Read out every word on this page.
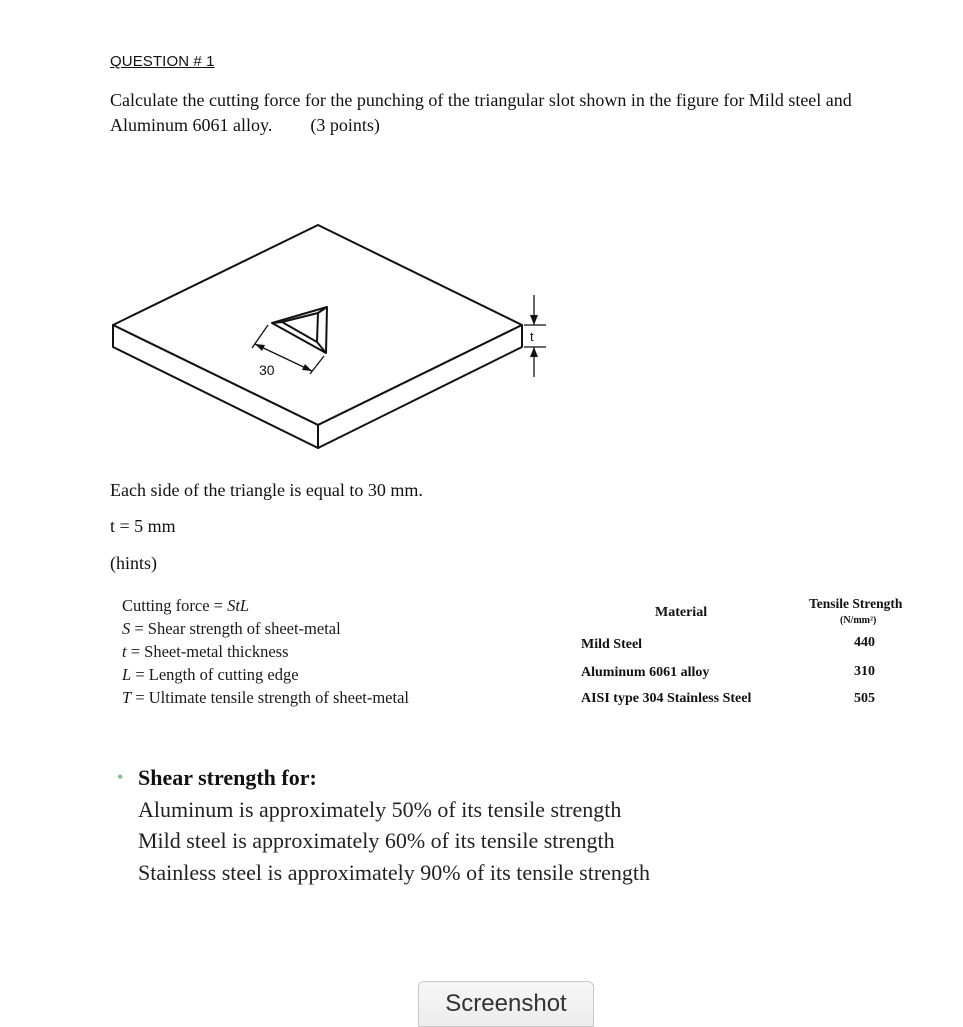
QUESTION # 1
Calculate the cutting force for the punching of the triangular slot shown in the figure for Mild steel and Aluminum 6061 alloy. (3 points)
30
t
Each side of the triangle is equal to 30 mm.
t = 5 mm
(hints)
Cutting force = StL
S = Shear strength of sheet-metal
t = Sheet-metal thickness
L = Length of cutting edge
T = Ultimate tensile strength of sheet-metal
Material
Tensile Strength
(N/mm²)
Mild Steel	440
Aluminum 6061 alloy	310
AISI type 304 Stainless Steel	505
• Shear strength for:
Aluminum is approximately 50% of its tensile strength
Mild steel is approximately 60% of its tensile strength
Stainless steel is approximately 90% of its tensile strength
Screenshot
